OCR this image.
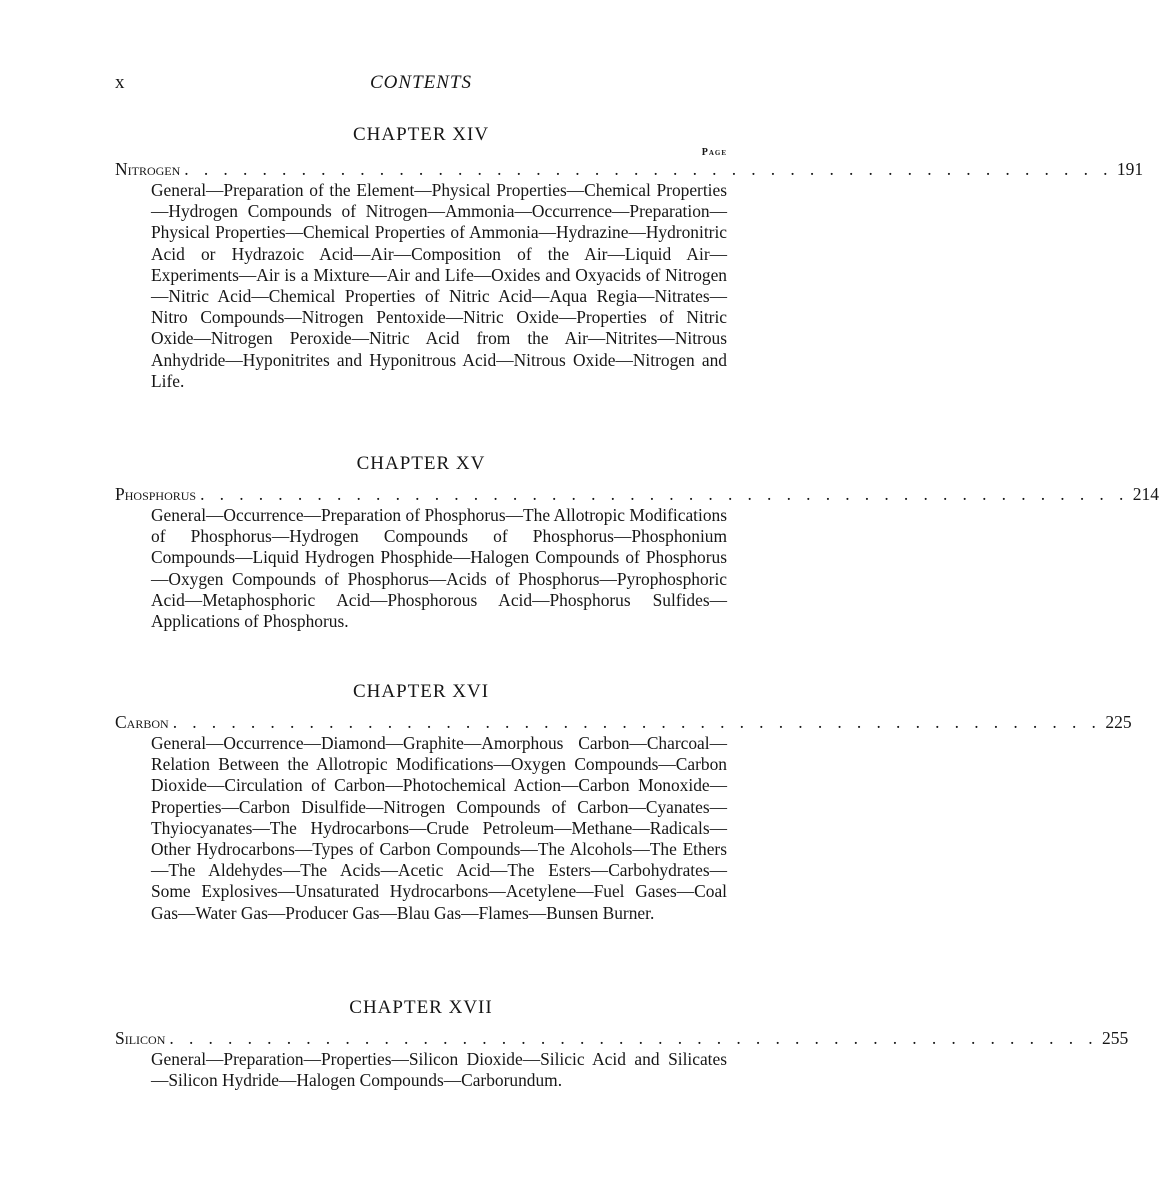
x	CONTENTS
CHAPTER XIV
Page
Nitrogen . . . . . . . . . . . . . . . . . . . . . . . . . . . . . . . . . . . . . . . . . . . . . . . . 191
General—Preparation of the Element—Physical Properties—Chemical Properties—Hydrogen Compounds of Nitrogen—Ammonia—Occurrence—Preparation—Physical Properties—Chemical Properties of Ammonia—Hydrazine—Hydronitric Acid or Hydrazoic Acid—Air—Composition of the Air—Liquid Air—Experiments—Air is a Mixture—Air and Life—Oxides and Oxyacids of Nitrogen—Nitric Acid—Chemical Properties of Nitric Acid—Aqua Regia—Nitrates—Nitro Compounds—Nitrogen Pentoxide—Nitric Oxide—Properties of Nitric Oxide—Nitrogen Peroxide—Nitric Acid from the Air—Nitrites—Nitrous Anhydride—Hyponitrites and Hyponitrous Acid—Nitrous Oxide—Nitrogen and Life.
CHAPTER XV
Phosphorus . . . . . . . . . . . . . . . . . . . . . . . . . . . . . . . . . . . . . . . . . . . . . . . . 214
General—Occurrence—Preparation of Phosphorus—The Allotropic Modifications of Phosphorus—Hydrogen Compounds of Phosphorus—Phosphonium Compounds—Liquid Hydrogen Phosphide—Halogen Compounds of Phosphorus—Oxygen Compounds of Phosphorus—Acids of Phosphorus—Pyrophosphoric Acid—Metaphosphoric Acid—Phosphorous Acid—Phosphorus Sulfides—Applications of Phosphorus.
CHAPTER XVI
Carbon . . . . . . . . . . . . . . . . . . . . . . . . . . . . . . . . . . . . . . . . . . . . . . . . 225
General—Occurrence—Diamond—Graphite—Amorphous Carbon—Charcoal—Relation Between the Allotropic Modifications—Oxygen Compounds—Carbon Dioxide—Circulation of Carbon—Photochemical Action—Carbon Monoxide—Properties—Carbon Disulfide—Nitrogen Compounds of Carbon—Cyanates—Thyiocyanates—The Hydrocarbons—Crude Petroleum—Methane—Radicals—Other Hydrocarbons—Types of Carbon Compounds—The Alcohols—The Ethers—The Aldehydes—The Acids—Acetic Acid—The Esters—Carbohydrates—Some Explosives—Unsaturated Hydrocarbons—Acetylene—Fuel Gases—Coal Gas—Water Gas—Producer Gas—Blau Gas—Flames—Bunsen Burner.
CHAPTER XVII
Silicon . . . . . . . . . . . . . . . . . . . . . . . . . . . . . . . . . . . . . . . . . . . . . . . . 255
General—Preparation—Properties—Silicon Dioxide—Silicic Acid and Silicates—Silicon Hydride—Halogen Compounds—Carborundum.
